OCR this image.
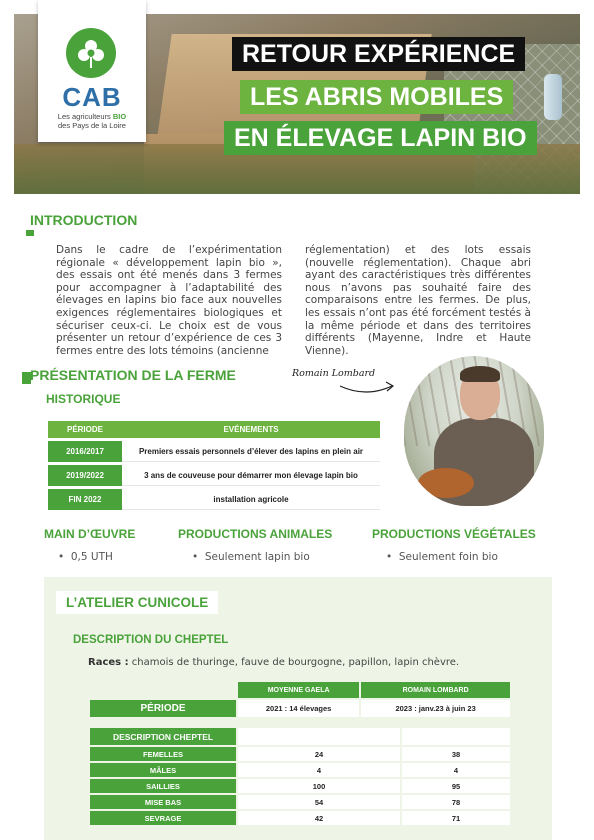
CAB
Les agriculteurs BIO
des Pays de la Loire
RETOUR EXPÉRIENCE
LES ABRIS MOBILES
EN ÉLEVAGE LAPIN BIO
INTRODUCTION

Dans le cadre de l’expérimentation régionale « développement lapin bio », des essais ont été menés dans 3 fermes pour accompagner à l’adaptabilité des élevages en lapins bio face aux nouvelles exigences réglementaires biologiques et sécuriser ceux-ci. Le choix est de vous présenter un retour d’expérience de ces 3 fermes entre des lots témoins (ancienne

réglementation) et des lots essais (nouvelle réglementation). Chaque abri ayant des caractéristiques très différentes nous n’avons pas souhaité faire des comparaisons entre les fermes. De plus, les essais n’ont pas été forcément testés à la même période et dans des territoires différents (Mayenne, Indre et Haute Vienne).

PRÉSENTATION DE LA FERME
HISTORIQUE
PÉRIODE	EVÉNEMENTS
2016/2017	Premiers essais personnels d’élever des lapins en plein air
2019/2022	3 ans de couveuse pour démarrer mon élevage lapin bio
FIN 2022	installation agricole
Romain Lombard
MAIN D’ŒUVRE
•  0,5 UTH
PRODUCTIONS ANIMALES
•  Seulement lapin bio
PRODUCTIONS VÉGÉTALES
•  Seulement foin bio
L’ATELIER CUNICOLE
DESCRIPTION DU CHEPTEL
Races : chamois de thuringe, fauve de bourgogne, papillon, lapin chèvre.
	MOYENNE GAELA	ROMAIN LOMBARD
PÉRIODE	2021 : 14 élevages	2023 : janv.23 à juin 23
DESCRIPTION CHEPTEL		
FEMELLES	24	38
MÂLES	4	4
SAILLIES	100	95
MISE BAS	54	78
SEVRAGE	42	71
